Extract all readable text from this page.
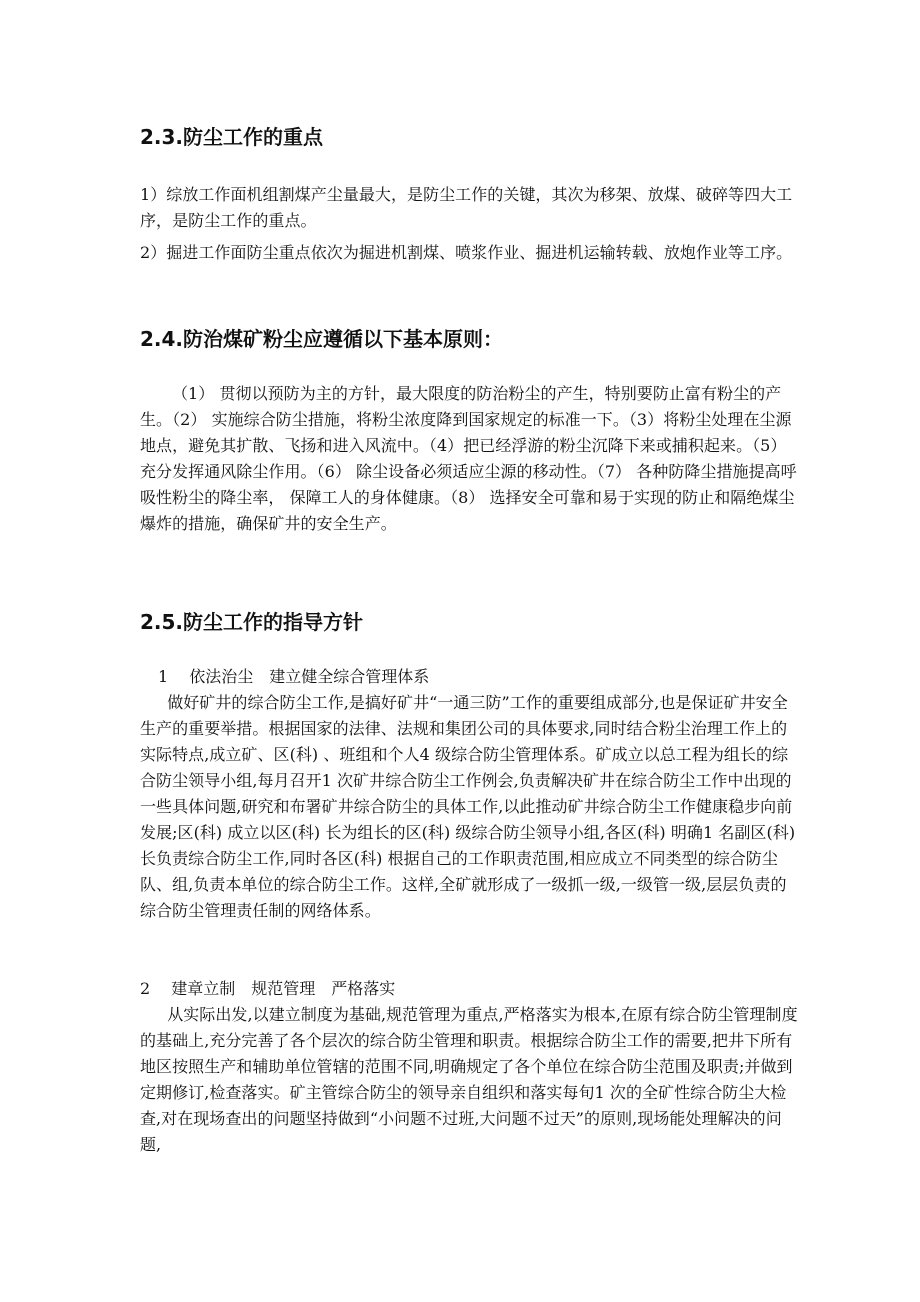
2.3.防尘工作的重点

1）综放工作面机组割煤产尘量最大，是防尘工作的关键，其次为移架、放煤、破碎等四大工序，是防尘工作的重点。

2）掘进工作面防尘重点依次为掘进机割煤、喷浆作业、掘进机运输转载、放炮作业等工序。

2.4.防治煤矿粉尘应遵循以下基本原则：

（1） 贯彻以预防为主的方针，最大限度的防治粉尘的产生，特别要防止富有粉尘的产生。（2） 实施综合防尘措施，将粉尘浓度降到国家规定的标准一下。（3）将粉尘处理在尘源地点，避免其扩散、飞扬和进入风流中。（4）把已经浮游的粉尘沉降下来或捕积起来。（5） 充分发挥通风除尘作用。（6） 除尘设备必须适应尘源的移动性。（7） 各种防降尘措施提高呼吸性粉尘的降尘率， 保障工人的身体健康。（8） 选择安全可靠和易于实现的防止和隔绝煤尘爆炸的措施，确保矿井的安全生产。

2.5.防尘工作的指导方针

1　 依法治尘　建立健全综合管理体系

做好矿井的综合防尘工作,是搞好矿井“一通三防”工作的重要组成部分,也是保证矿井安全生产的重要举措。根据国家的法律、法规和集团公司的具体要求,同时结合粉尘治理工作上的实际特点,成立矿、区(科) 、班组和个人4 级综合防尘管理体系。矿成立以总工程为组长的综合防尘领导小组,每月召开1 次矿井综合防尘工作例会,负责解决矿井在综合防尘工作中出现的一些具体问题,研究和布署矿井综合防尘的具体工作,以此推动矿井综合防尘工作健康稳步向前发展;区(科) 成立以区(科) 长为组长的区(科) 级综合防尘领导小组,各区(科) 明确1 名副区(科) 长负责综合防尘工作,同时各区(科) 根据自己的工作职责范围,相应成立不同类型的综合防尘队、组,负责本单位的综合防尘工作。这样,全矿就形成了一级抓一级,一级管一级,层层负责的综合防尘管理责任制的网络体系。

2　 建章立制　规范管理　严格落实

从实际出发,以建立制度为基础,规范管理为重点,严格落实为根本,在原有综合防尘管理制度的基础上,充分完善了各个层次的综合防尘管理和职责。根据综合防尘工作的需要,把井下所有地区按照生产和辅助单位管辖的范围不同,明确规定了各个单位在综合防尘范围及职责;并做到定期修订,检查落实。矿主管综合防尘的领导亲自组织和落实每旬1 次的全矿性综合防尘大检查,对在现场查出的问题坚持做到“小问题不过班,大问题不过天”的原则,现场能处理解决的问题,
